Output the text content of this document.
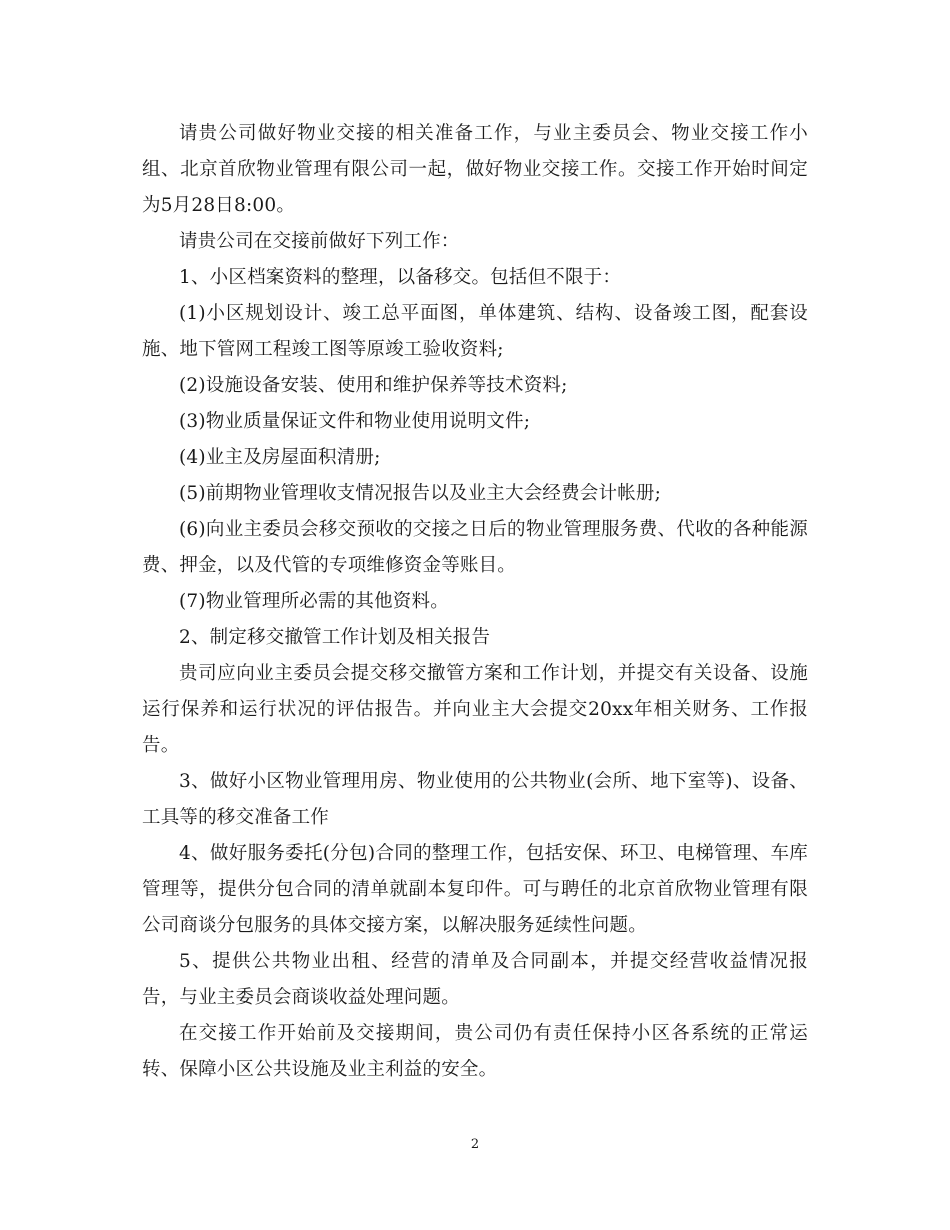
请贵公司做好物业交接的相关准备工作，与业主委员会、物业交接工作小组、北京首欣物业管理有限公司一起，做好物业交接工作。交接工作开始时间定为5月28日8:00。

请贵公司在交接前做好下列工作：

1、小区档案资料的整理，以备移交。包括但不限于：

(1)小区规划设计、竣工总平面图，单体建筑、结构、设备竣工图，配套设施、地下管网工程竣工图等原竣工验收资料;

(2)设施设备安装、使用和维护保养等技术资料;

(3)物业质量保证文件和物业使用说明文件;

(4)业主及房屋面积清册;

(5)前期物业管理收支情况报告以及业主大会经费会计帐册;

(6)向业主委员会移交预收的交接之日后的物业管理服务费、代收的各种能源费、押金，以及代管的专项维修资金等账目。

(7)物业管理所必需的其他资料。

2、制定移交撤管工作计划及相关报告

贵司应向业主委员会提交移交撤管方案和工作计划，并提交有关设备、设施运行保养和运行状况的评估报告。并向业主大会提交20xx年相关财务、工作报告。

3、做好小区物业管理用房、物业使用的公共物业(会所、地下室等)、设备、工具等的移交准备工作

4、做好服务委托(分包)合同的整理工作，包括安保、环卫、电梯管理、车库管理等，提供分包合同的清单就副本复印件。可与聘任的北京首欣物业管理有限公司商谈分包服务的具体交接方案，以解决服务延续性问题。

5、提供公共物业出租、经营的清单及合同副本，并提交经营收益情况报告，与业主委员会商谈收益处理问题。

在交接工作开始前及交接期间，贵公司仍有责任保持小区各系统的正常运转、保障小区公共设施及业主利益的安全。

2
